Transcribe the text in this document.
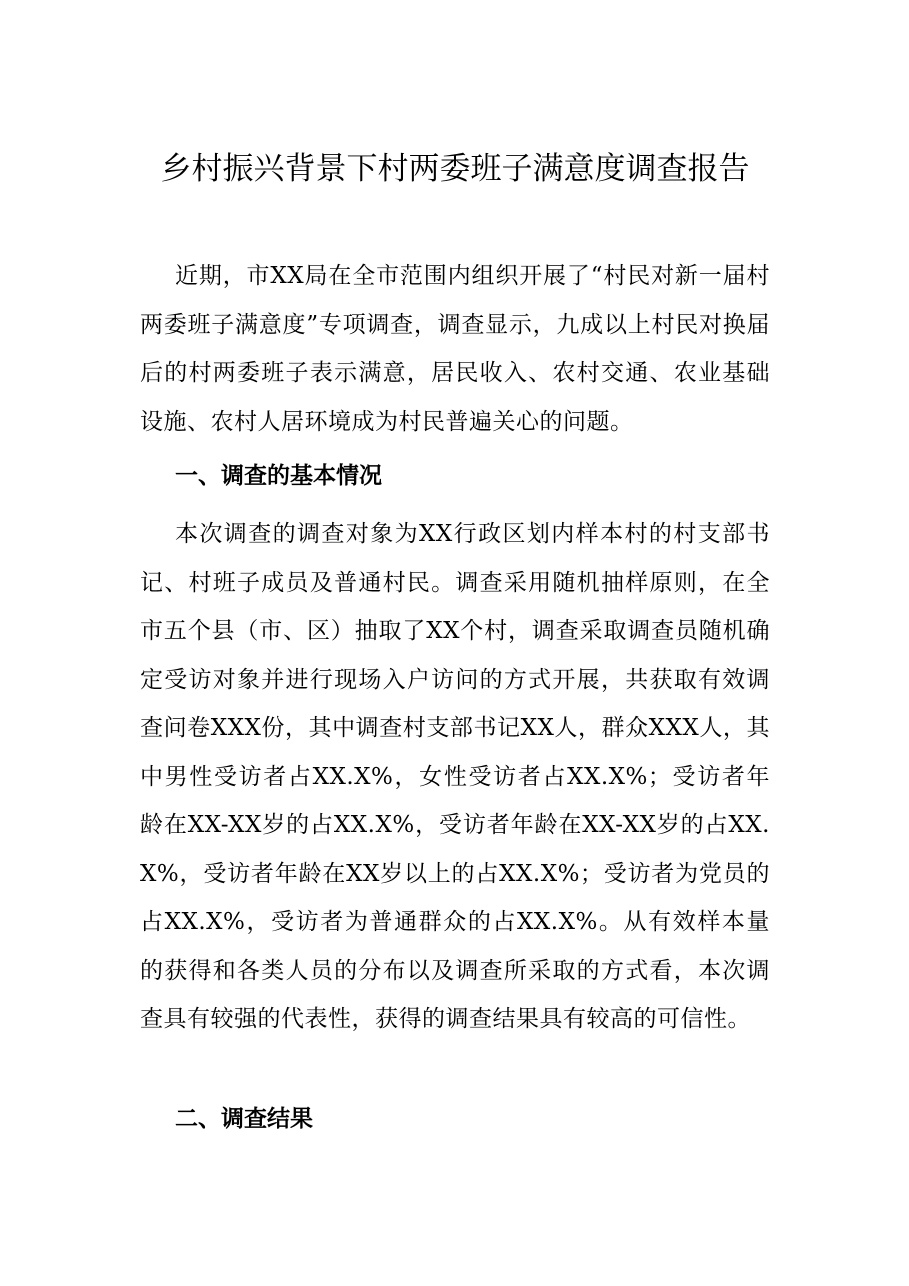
乡村振兴背景下村两委班子满意度调查报告

近期，市XX局在全市范围内组织开展了“村民对新一届村两委班子满意度”专项调查，调查显示，九成以上村民对换届后的村两委班子表示满意，居民收入、农村交通、农业基础设施、农村人居环境成为村民普遍关心的问题。

一、调查的基本情况

本次调查的调查对象为XX行政区划内样本村的村支部书记、村班子成员及普通村民。调查采用随机抽样原则，在全市五个县（市、区）抽取了XX个村，调查采取调查员随机确定受访对象并进行现场入户访问的方式开展，共获取有效调查问卷XXX份，其中调查村支部书记XX人，群众XXX人，其中男性受访者占XX.X%，女性受访者占XX.X%；受访者年龄在XX-XX岁的占XX.X%，受访者年龄在XX-XX岁的占XX.X%，受访者年龄在XX岁以上的占XX.X%；受访者为党员的占XX.X%，受访者为普通群众的占XX.X%。从有效样本量的获得和各类人员的分布以及调查所采取的方式看，本次调查具有较强的代表性，获得的调查结果具有较高的可信性。

二、调查结果
